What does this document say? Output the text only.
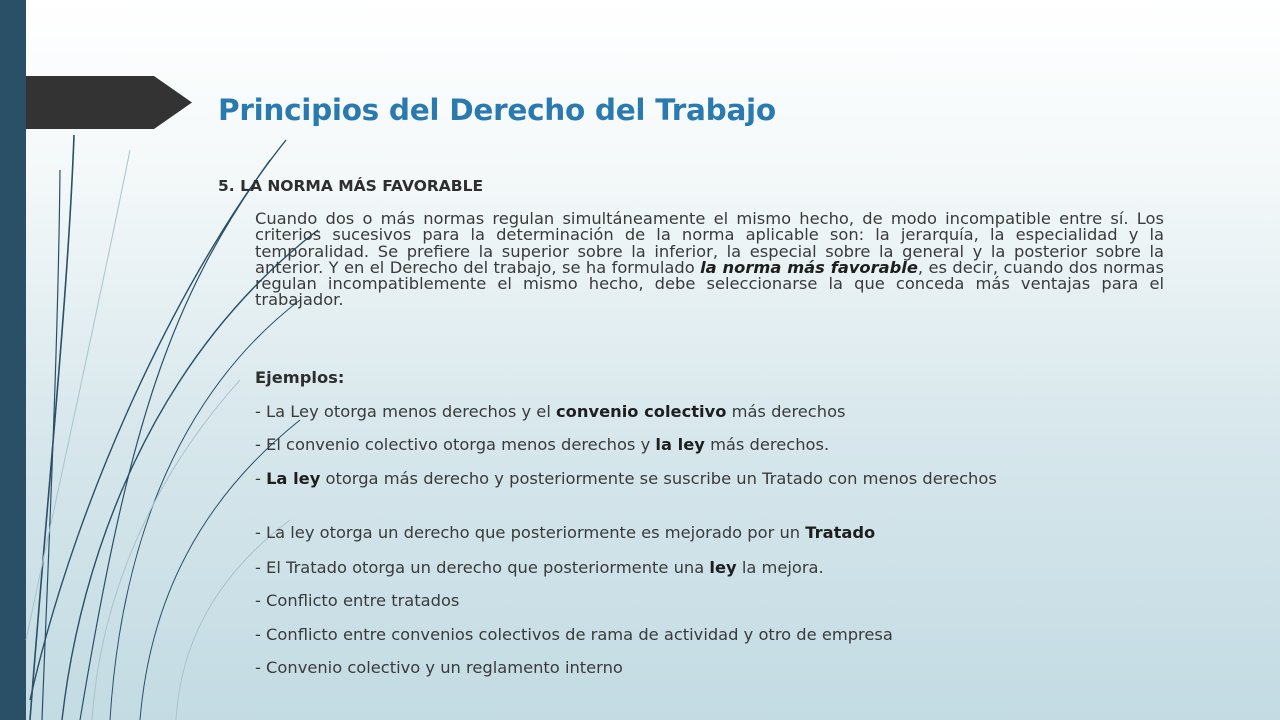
Principios del Derecho del Trabajo
5. LA NORMA MÁS FAVORABLE
Cuando dos o más normas regulan simultáneamente el mismo hecho, de modo incompatible entre sí. Los criterios sucesivos para la determinación de la norma aplicable son: la jerarquía, la especialidad y la temporalidad. Se prefiere la superior sobre la inferior, la especial sobre la general y la posterior sobre la anterior. Y en el Derecho del trabajo, se ha formulado la norma más favorable, es decir, cuando dos normas regulan incompatiblemente el mismo hecho, debe seleccionarse la que conceda más ventajas para el trabajador.
Ejemplos:
- La Ley otorga menos derechos y el convenio colectivo más derechos
- El convenio colectivo otorga menos derechos y la ley más derechos.
- La ley otorga más derecho y posteriormente se suscribe un Tratado con menos derechos
- La ley otorga un derecho que posteriormente es mejorado por un Tratado
- El Tratado otorga un derecho que posteriormente una ley la mejora.
- Conflicto entre tratados
- Conflicto entre convenios colectivos de rama de actividad y otro de empresa
- Convenio colectivo y un reglamento interno
